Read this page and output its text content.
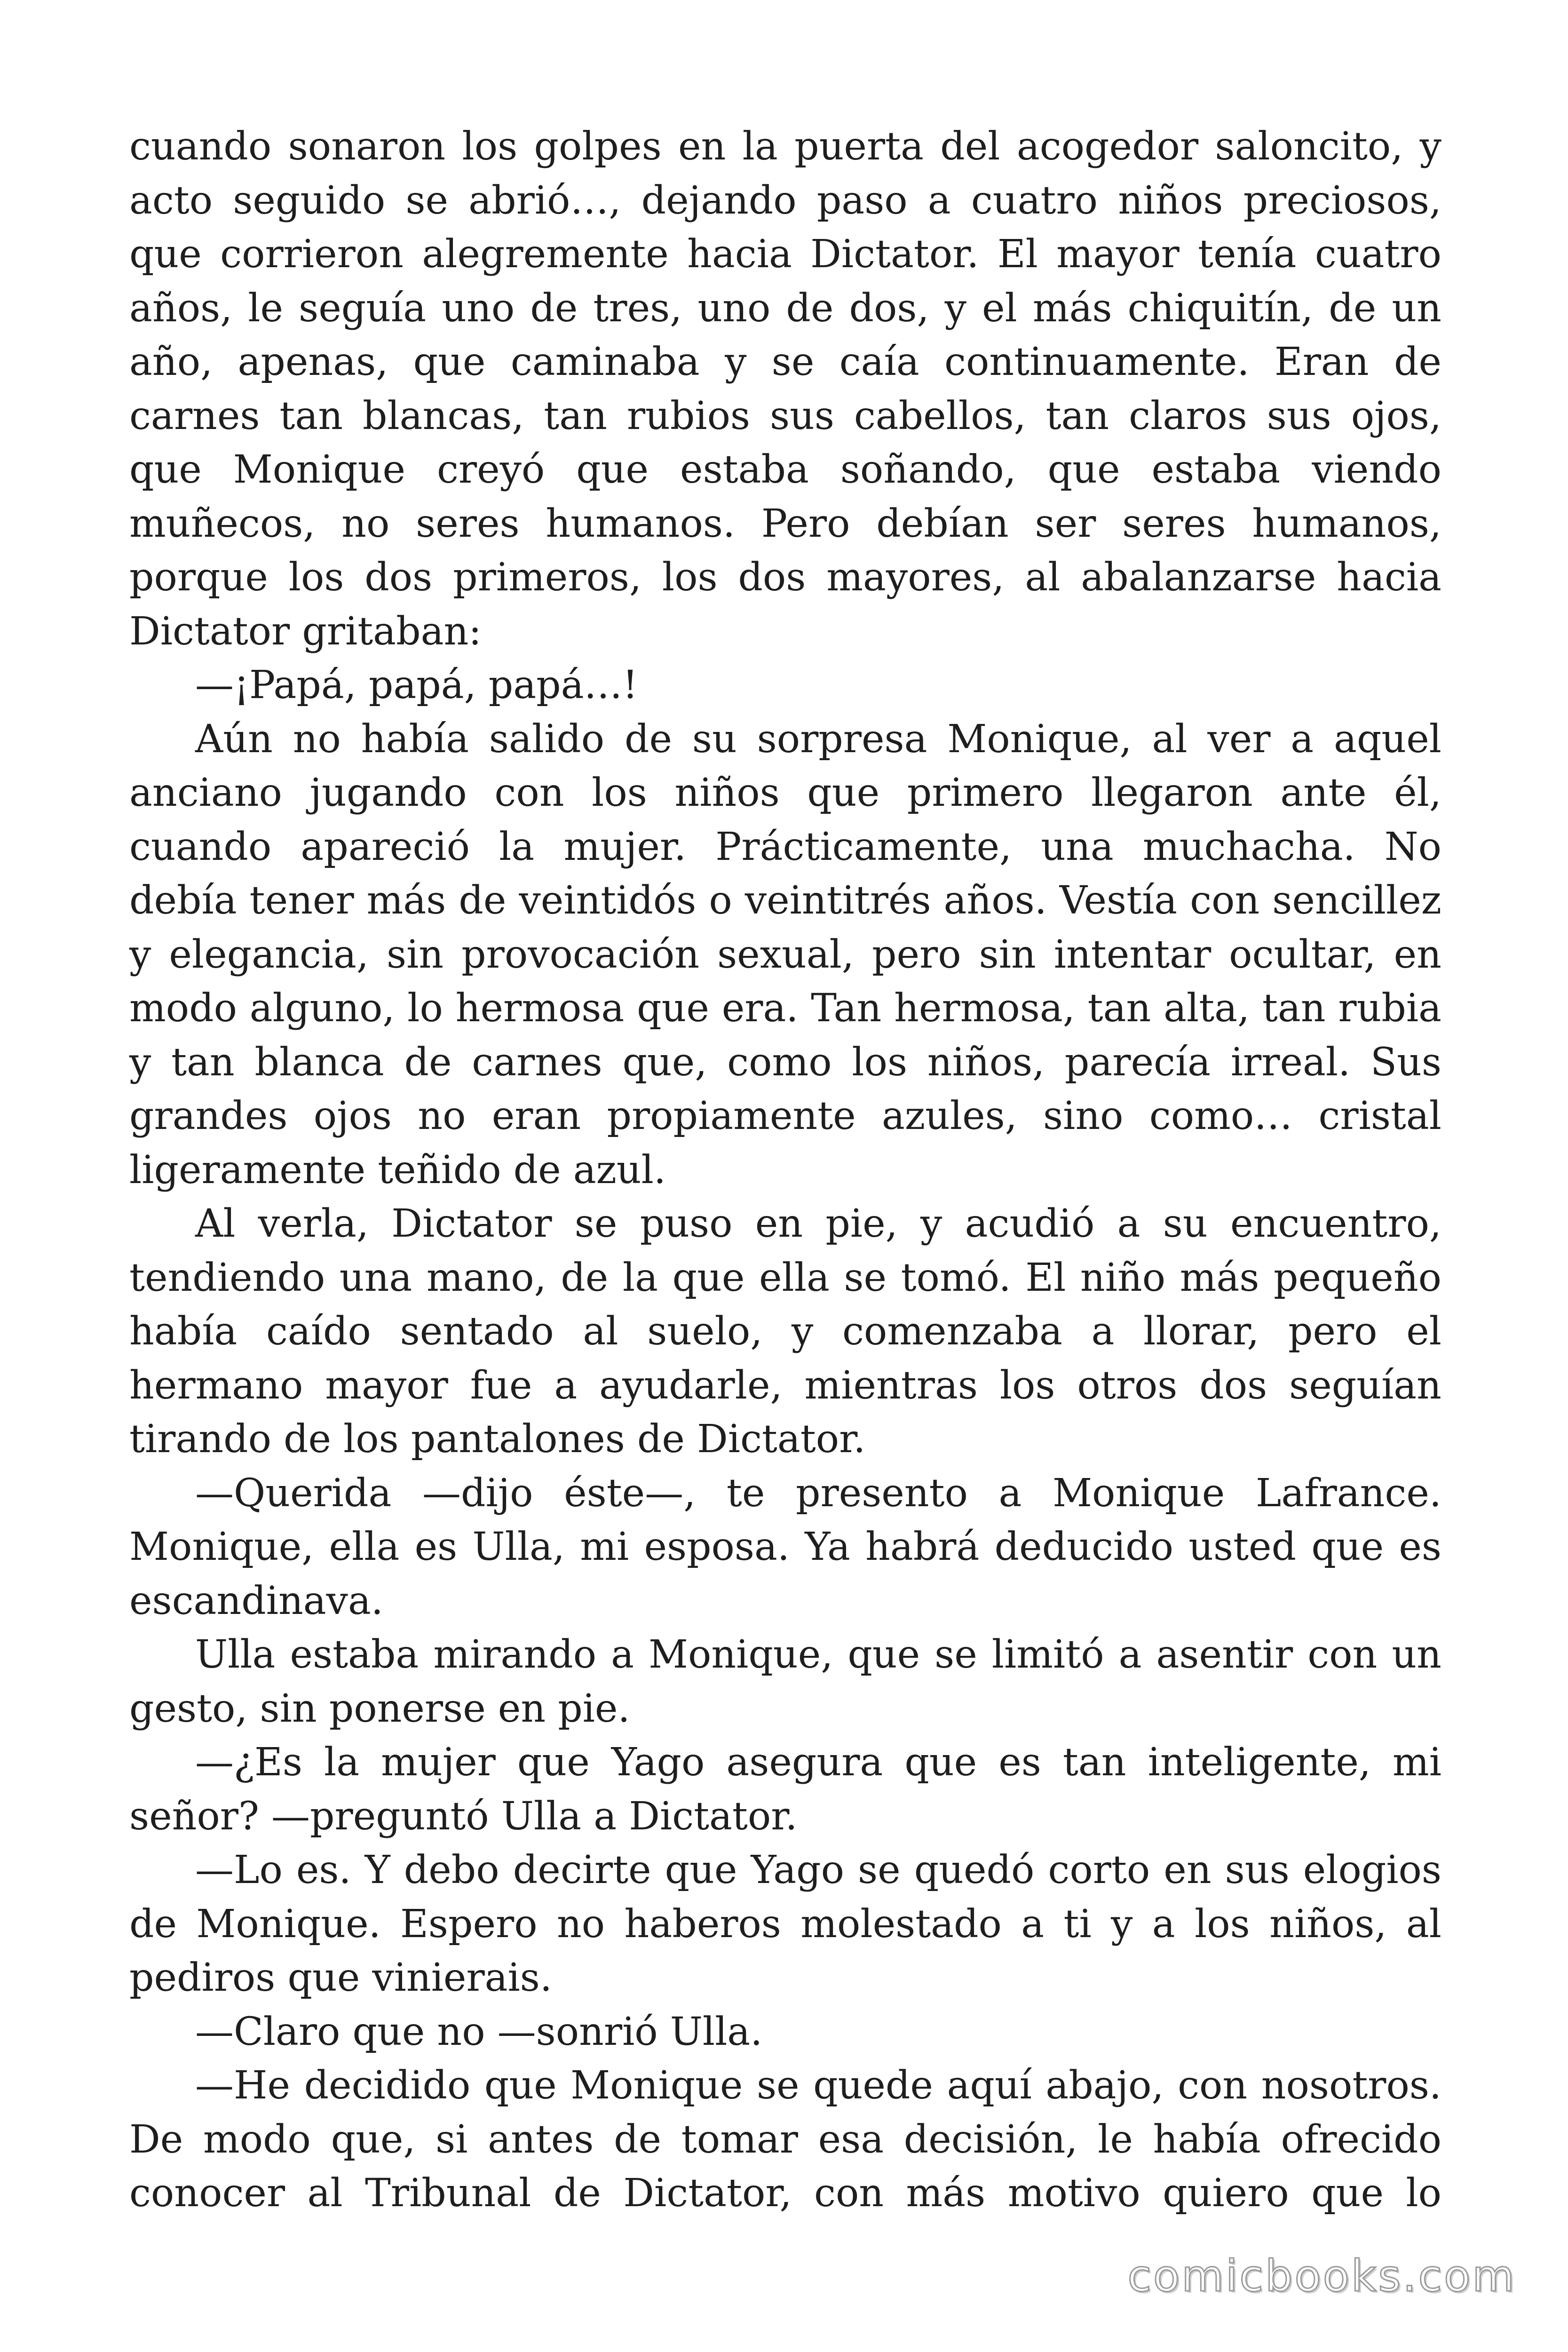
cuando sonaron los golpes en la puerta del acogedor saloncito, y acto seguido se abrió…, dejando paso a cuatro niños preciosos, que corrieron alegremente hacia Dictator. El mayor tenía cuatro años, le seguía uno de tres, uno de dos, y el más chiquitín, de un año, apenas, que caminaba y se caía continuamente. Eran de carnes tan blancas, tan rubios sus cabellos, tan claros sus ojos, que Monique creyó que estaba soñando, que estaba viendo muñecos, no seres humanos. Pero debían ser seres humanos, porque los dos primeros, los dos mayores, al abalanzarse hacia Dictator gritaban:

—¡Papá, papá, papá…!

Aún no había salido de su sorpresa Monique, al ver a aquel anciano jugando con los niños que primero llegaron ante él, cuando apareció la mujer. Prácticamente, una muchacha. No debía tener más de veintidós o veintitrés años. Vestía con sencillez y elegancia, sin provocación sexual, pero sin intentar ocultar, en modo alguno, lo hermosa que era. Tan hermosa, tan alta, tan rubia y tan blanca de carnes que, como los niños, parecía irreal. Sus grandes ojos no eran propiamente azules, sino como… cristal ligeramente teñido de azul.

Al verla, Dictator se puso en pie, y acudió a su encuentro, tendiendo una mano, de la que ella se tomó. El niño más pequeño había caído sentado al suelo, y comenzaba a llorar, pero el hermano mayor fue a ayudarle, mientras los otros dos seguían tirando de los pantalones de Dictator.

—Querida —dijo éste—, te presento a Monique Lafrance. Monique, ella es Ulla, mi esposa. Ya habrá deducido usted que es escandinava.

Ulla estaba mirando a Monique, que se limitó a asentir con un gesto, sin ponerse en pie.

—¿Es la mujer que Yago asegura que es tan inteligente, mi señor? —preguntó Ulla a Dictator.

—Lo es. Y debo decirte que Yago se quedó corto en sus elogios de Monique. Espero no haberos molestado a ti y a los niños, al pediros que vinierais.

—Claro que no —sonrió Ulla.

—He decidido que Monique se quede aquí abajo, con nosotros. De modo que, si antes de tomar esa decisión, le había ofrecido conocer al Tribunal de Dictator, con más motivo quiero que lo

comicbooks.com
